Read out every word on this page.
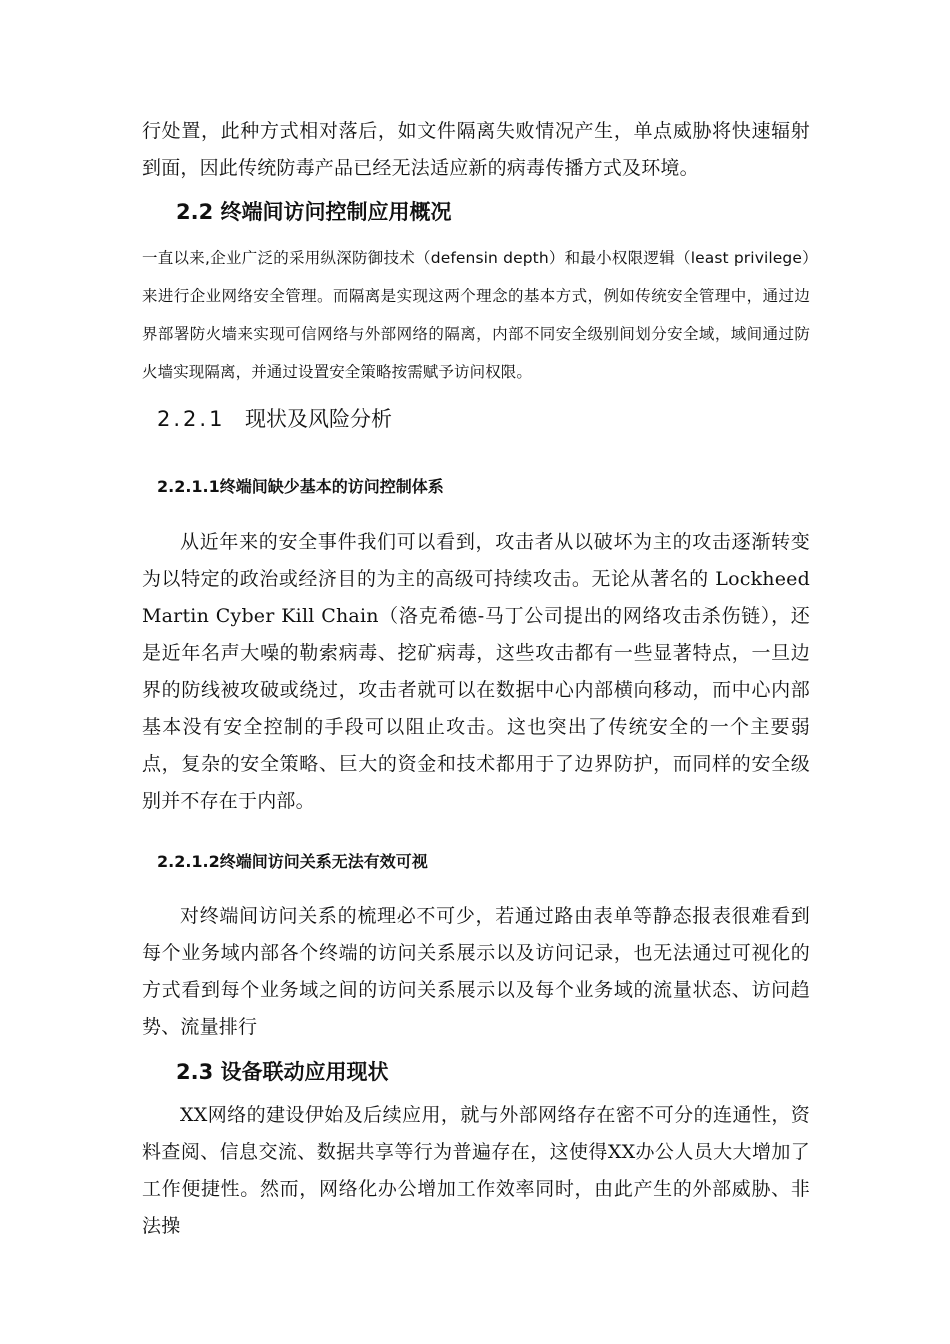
行处置，此种方式相对落后，如文件隔离失败情况产生，单点威胁将快速辐射到面，因此传统防毒产品已经无法适应新的病毒传播方式及环境。

2.2 终端间访问控制应用概况

一直以来,企业广泛的采用纵深防御技术（defensin depth）和最小权限逻辑（least privilege）来进行企业网络安全管理。而隔离是实现这两个理念的基本方式，例如传统安全管理中，通过边界部署防火墙来实现可信网络与外部网络的隔离，内部不同安全级别间划分安全域，域间通过防火墙实现隔离，并通过设置安全策略按需赋予访问权限。

2.2.1 现状及风险分析
2.2.1.1终端间缺少基本的访问控制体系

从近年来的安全事件我们可以看到，攻击者从以破坏为主的攻击逐渐转变为以特定的政治或经济目的为主的高级可持续攻击。无论从著名的 Lockheed Martin Cyber Kill Chain（洛克希德-马丁公司提出的网络攻击杀伤链），还是近年名声大噪的勒索病毒、挖矿病毒，这些攻击都有一些显著特点，一旦边界的防线被攻破或绕过，攻击者就可以在数据中心内部横向移动，而中心内部基本没有安全控制的手段可以阻止攻击。这也突出了传统安全的一个主要弱点，复杂的安全策略、巨大的资金和技术都用于了边界防护，而同样的安全级别并不存在于内部。

2.2.1.2终端间访问关系无法有效可视

对终端间访问关系的梳理必不可少，若通过路由表单等静态报表很难看到每个业务域内部各个终端的访问关系展示以及访问记录，也无法通过可视化的方式看到每个业务域之间的访问关系展示以及每个业务域的流量状态、访问趋势、流量排行

2.3 设备联动应用现状

XX网络的建设伊始及后续应用，就与外部网络存在密不可分的连通性，资料查阅、信息交流、数据共享等行为普遍存在，这使得XX办公人员大大增加了工作便捷性。然而，网络化办公增加工作效率同时，由此产生的外部威胁、非法操
